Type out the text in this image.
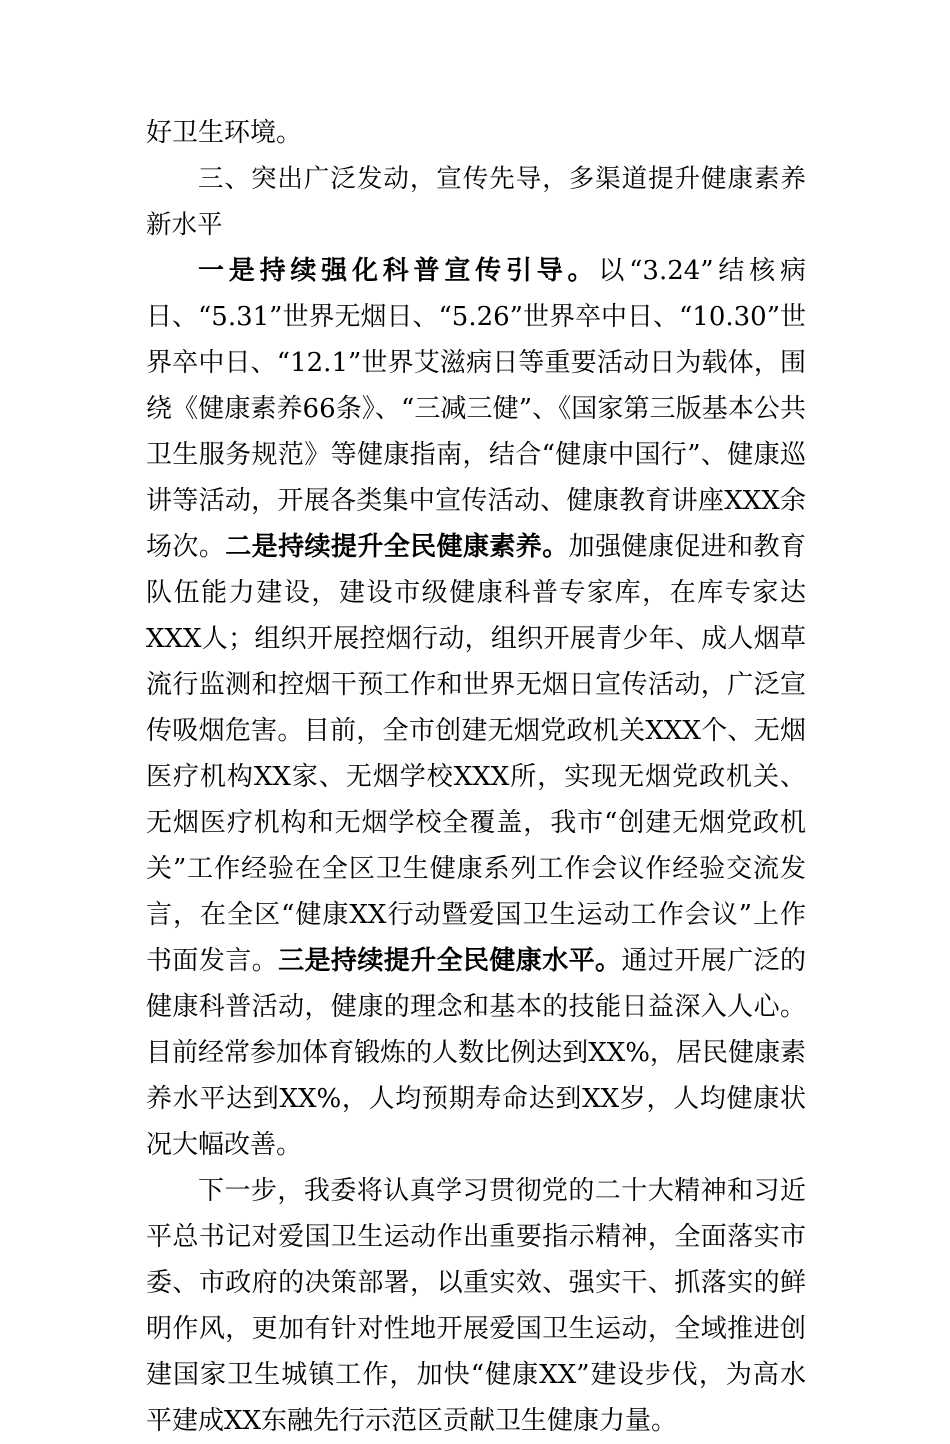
好卫生环境。

三、突出广泛发动，宣传先导，多渠道提升健康素养新水平

一是持续强化科普宣传引导。以“3.24”结核病日、“5.31”世界无烟日、“5.26”世界卒中日、“10.30”世界卒中日、“12.1”世界艾滋病日等重要活动日为载体，围绕《健康素养66条》、“三减三健”、《国家第三版基本公共卫生服务规范》等健康指南，结合“健康中国行”、健康巡讲等活动，开展各类集中宣传活动、健康教育讲座XXX余场次。二是持续提升全民健康素养。加强健康促进和教育队伍能力建设，建设市级健康科普专家库，在库专家达XXX人；组织开展控烟行动，组织开展青少年、成人烟草流行监测和控烟干预工作和世界无烟日宣传活动，广泛宣传吸烟危害。目前，全市创建无烟党政机关XXX个、无烟医疗机构XX家、无烟学校XXX所，实现无烟党政机关、无烟医疗机构和无烟学校全覆盖，我市“创建无烟党政机关”工作经验在全区卫生健康系列工作会议作经验交流发言，在全区“健康XX行动暨爱国卫生运动工作会议”上作书面发言。三是持续提升全民健康水平。通过开展广泛的健康科普活动，健康的理念和基本的技能日益深入人心。目前经常参加体育锻炼的人数比例达到XX%，居民健康素养水平达到XX%，人均预期寿命达到XX岁，人均健康状况大幅改善。

下一步，我委将认真学习贯彻党的二十大精神和习近平总书记对爱国卫生运动作出重要指示精神，全面落实市委、市政府的决策部署，以重实效、强实干、抓落实的鲜明作风，更加有针对性地开展爱国卫生运动，全域推进创建国家卫生城镇工作，加快“健康XX”建设步伐，为高水平建成XX东融先行示范区贡献卫生健康力量。
